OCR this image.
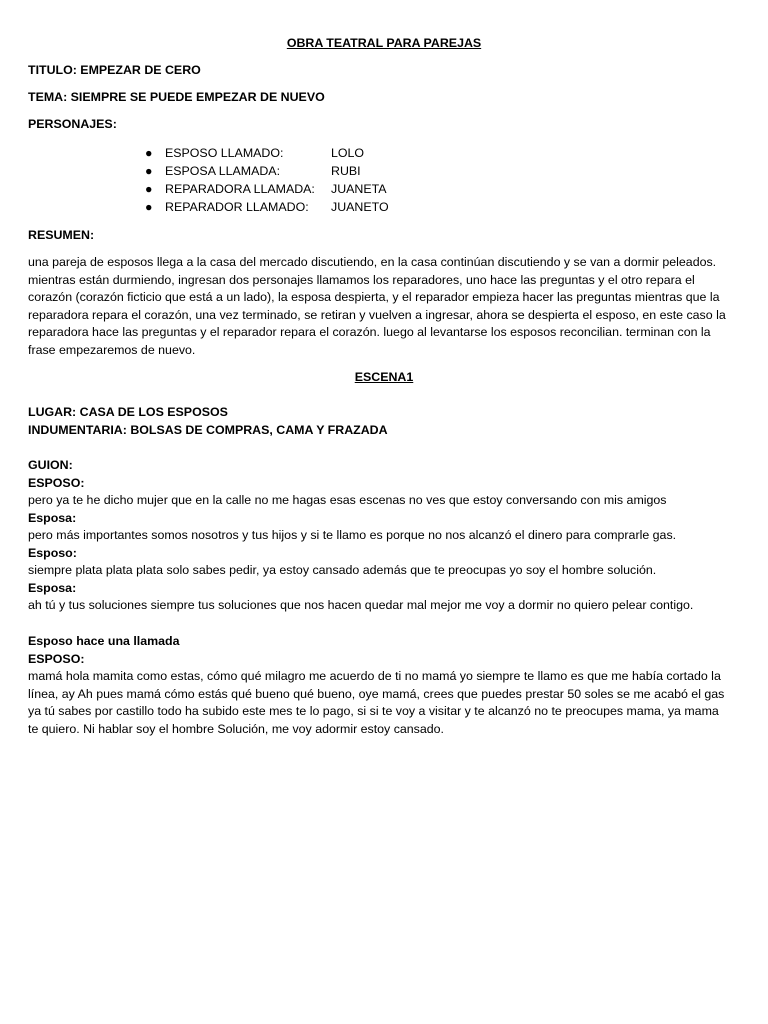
OBRA TEATRAL PARA PAREJAS
TITULO: EMPEZAR DE CERO
TEMA: SIEMPRE SE PUEDE EMPEZAR DE NUEVO
PERSONAJES:
● ESPOSO LLAMADO:	LOLO
● ESPOSA LLAMADA:	RUBI
● REPARADORA LLAMADA: JUANETA
● REPARADOR LLAMADO: JUANETO
RESUMEN:
una pareja de esposos llega a la casa del mercado discutiendo, en la casa continúan discutiendo y se van a dormir peleados.
mientras están durmiendo, ingresan dos personajes llamamos los reparadores, uno hace las preguntas y el otro repara el
corazón (corazón ficticio que está a un lado), la esposa despierta, y el reparador empieza hacer las preguntas mientras que la
reparadora repara el corazón, una vez terminado, se retiran y vuelven a ingresar, ahora se despierta el esposo, en este caso la
reparadora hace las preguntas y el reparador repara el corazón. luego al levantarse los esposos reconcilian. terminan con la
frase empezaremos de nuevo.
ESCENA1
LUGAR: CASA DE LOS ESPOSOS
INDUMENTARIA: BOLSAS DE COMPRAS, CAMA Y FRAZADA
GUION:
ESPOSO:
pero ya te he dicho mujer que en la calle no me hagas esas escenas no ves que estoy conversando con mis amigos
Esposa:
pero más importantes somos nosotros y tus hijos y si te llamo es porque no nos alcanzó el dinero para comprarle gas.
Esposo:
siempre plata plata plata solo sabes pedir, ya estoy cansado además que te preocupas yo soy el hombre solución.
Esposa:
ah tú y tus soluciones siempre tus soluciones que nos hacen quedar mal mejor me voy a dormir no quiero pelear contigo.
Esposo hace una llamada
ESPOSO:
mamá hola mamita como estas, cómo qué milagro me acuerdo de ti no mamá yo siempre te llamo es que me había cortado la
línea, ay Ah pues mamá cómo estás qué bueno qué bueno, oye mamá, crees que puedes prestar 50 soles se me acabó el gas
ya tú sabes por castillo todo ha subido este mes te lo pago, si si te voy a visitar y te alcanzó no te preocupes mama, ya mama
te quiero. Ni hablar soy el hombre Solución, me voy adormir estoy cansado.
